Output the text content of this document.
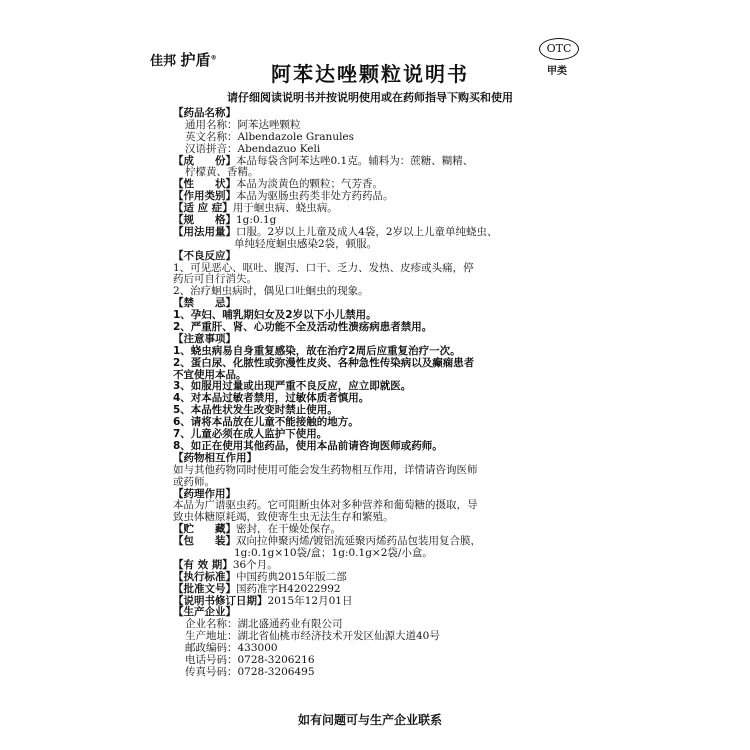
佳邦 护盾®
OTC
甲类
阿苯达唑颗粒说明书
请仔细阅读说明书并按说明使用或在药师指导下购买和使用
【药品名称】
通用名称：阿苯达唑颗粒
英文名称：Albendazole Granules
汉语拼音：Abendazuo Keli
【成　　份】本品每袋含阿苯达唑0.1克。辅料为：蔗糖、糊精、
柠檬黄、香精。
【性　　状】本品为淡黄色的颗粒；气芳香。
【作用类别】本品为驱肠虫药类非处方药药品。
【适 应 症】用于蛔虫病、蛲虫病。
【规　　格】1g:0.1g
【用法用量】口服。2岁以上儿童及成人4袋，2岁以上儿童单纯蛲虫、
单纯轻度蛔虫感染2袋，顿服。
【不良反应】
1、可见恶心、呕吐、腹泻、口干、乏力、发热、皮疹或头痛，停
药后可自行消失。
2、治疗蛔虫病时，偶见口吐蛔虫的现象。
【禁　　忌】
1、孕妇、哺乳期妇女及2岁以下小儿禁用。
2、严重肝、肾、心功能不全及活动性溃疡病患者禁用。
【注意事项】
1、蛲虫病易自身重复感染，故在治疗2周后应重复治疗一次。
2、蛋白尿、化脓性或弥漫性皮炎、各种急性传染病以及癫痫患者
不宜使用本品。
3、如服用过量或出现严重不良反应，应立即就医。
4、对本品过敏者禁用，过敏体质者慎用。
5、本品性状发生改变时禁止使用。
6、请将本品放在儿童不能接触的地方。
7、儿童必须在成人监护下使用。
8、如正在使用其他药品，使用本品前请咨询医师或药师。
【药物相互作用】
如与其他药物同时使用可能会发生药物相互作用，详情请咨询医师
或药师。
【药理作用】
本品为广谱驱虫药。它可阻断虫体对多种营养和葡萄糖的摄取，导
致虫体糖原耗竭，致使寄生虫无法生存和繁殖。
【贮　　藏】密封，在干燥处保存。
【包　　装】双向拉伸聚丙烯/镀铝流延聚丙烯药品包装用复合膜，
1g:0.1g×10袋/盒；1g:0.1g×2袋/小盒。
【有 效 期】36个月。
【执行标准】中国药典2015年版二部
【批准文号】国药准字H42022992
【说明书修订日期】2015年12月01日
【生产企业】
企业名称：湖北盛通药业有限公司
生产地址：湖北省仙桃市经济技术开发区仙源大道40号
邮政编码：433000
电话号码：0728-3206216
传真号码：0728-3206495
如有问题可与生产企业联系
